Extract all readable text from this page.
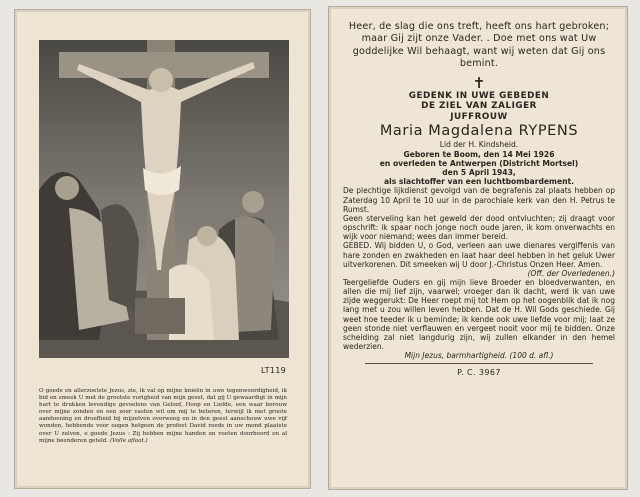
LT119
O goede en allerzoetste Jezus, zie, ik val op mijne knieën in uwe tegenwoordigheid, ik bid en smeek U met de grootste vurigheid van mijn geest, dat gij U gewaardigt in mijn hart te drukken levendige gevoelens van Geloof, Hoop en Liefde, een waar berouw over mijne zonden en een zeer vasten wil om mij te beteren, terwijl ik met groote aandoening en droefheid bij mijzelven overweeg en in den geest aanschouw uwe vijf wonden, hebbende voor oogen hetgeen de profeet David reeds in uw mond plaatste over U zelven, o goede Jezus : Zij hebben mijne handen en voeten doorboord en al mijne beenderen geteld. (Volle aflaat.)
Heer, de slag die ons treft, heeft ons hart gebroken; maar Gij zijt onze Vader. . Doe met ons wat Uw goddelijke Wil behaagt, want wij weten dat Gij ons bemint.
✝
GEDENK IN UWE GEBEDEN
DE ZIEL VAN ZALIGER
JUFFROUW
Maria Magdalena RYPENS
Lid der H. Kindsheid.
Geboren te Boom, den 14 Mei 1926
en overleden te Antwerpen (Districht Mortsel)
den 5 April 1943,
als slachtoffer van een luchtbombardement.

De plechtige lijkdienst gevolgd van de begrafenis zal plaats hebben op Zaterdag 10 April te 10 uur in de parochiale kerk van den H. Petrus te Rumst.

Geen sterveling kan het geweld der dood ontvluchten; zij draagt voor opschrift: ik spaar noch jonge noch oude jaren, ik kom onverwachts en wijk voor niemand; wees dan immer bereid.

GEBED. Wij bidden U, o God, verleen aan uwe dienares vergiffenis van hare zonden en zwakheden en laat haar deel hebben in het geluk Uwer uitverkorenen. Dit smeeken wij U door J.-Christus Onzen Heer. Amen.

(Off. der Overledenen.)

Teergeliefde Ouders en gij mijn lieve Broeder en bloedverwanten, en allen die mij lief zijn, vaarwel; vroeger dan ik dacht, werd ik van uwe zijde weggerukt: De Heer roept mij tot Hem op het oogenblik dat ik nog lang met u zou willen leven hebben. Dat de H. Wil Gods geschiede. Gij weet hoe teeder ik u beminde; ik kende ook uwe liefde voor mij; laat ze geen stonde niet verflauwen en vergeet nooit voor mij te bidden. Onze scheiding zal niet langdurig zijn, wij zullen elkander in den hemel wederzien.

Mijn Jezus, barmhartigheid. (100 d. afl.)

P. C. 3967
